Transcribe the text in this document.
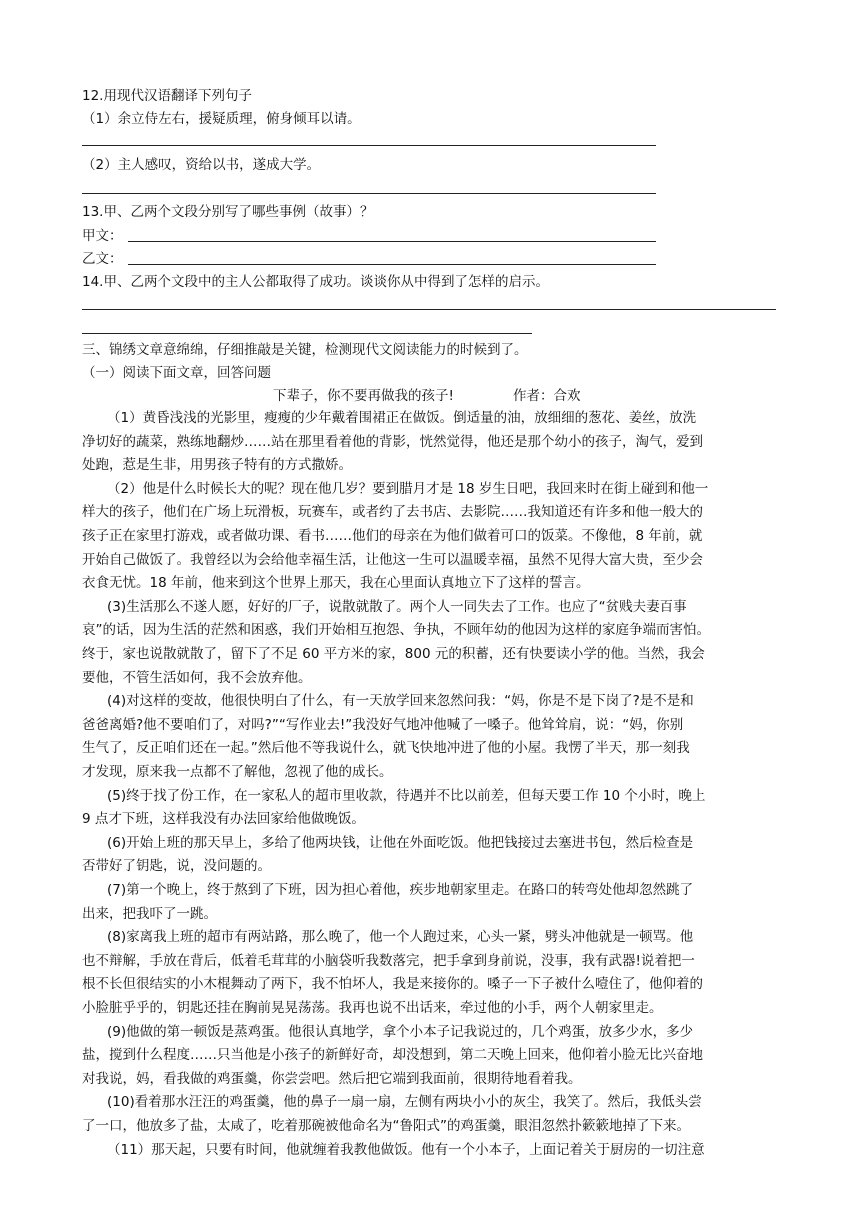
12.用现代汉语翻译下列句子
（1）余立侍左右，援疑质理，俯身倾耳以请。
（2）主人感叹，资给以书，遂成大学。
13.甲、乙两个文段分别写了哪些事例（故事）？
甲文：
乙文：
14.甲、乙两个文段中的主人公都取得了成功。谈谈你从中得到了怎样的启示。
三、锦绣文章意绵绵，仔细推敲是关键，检测现代文阅读能力的时候到了。
（一）阅读下面文章，回答问题
下辈子，你不要再做我的孩子!	作者：合欢
（1）黄昏浅浅的光影里，瘦瘦的少年戴着围裙正在做饭。倒适量的油，放细细的葱花、姜丝，放洗
净切好的蔬菜，熟练地翻炒……站在那里看着他的背影，恍然觉得，他还是那个幼小的孩子，淘气，爱到
处跑，惹是生非，用男孩子特有的方式撒娇。
（2）他是什么时候长大的呢？现在他几岁？要到腊月才是 18 岁生日吧，我回来时在街上碰到和他一
样大的孩子，他们在广场上玩滑板，玩赛车，或者约了去书店、去影院……我知道还有许多和他一般大的
孩子正在家里打游戏，或者做功课、看书……他们的母亲在为他们做着可口的饭菜。不像他，8 年前，就
开始自己做饭了。我曾经以为会给他幸福生活，让他这一生可以温暖幸福，虽然不见得大富大贵，至少会
衣食无忧。18 年前，他来到这个世界上那天，我在心里面认真地立下了这样的誓言。
(3)生活那么不遂人愿，好好的厂子，说散就散了。两个人一同失去了工作。也应了“贫贱夫妻百事
哀”的话，因为生活的茫然和困惑，我们开始相互抱怨、争执，不顾年幼的他因为这样的家庭争端而害怕。
终于，家也说散就散了，留下了不足 60 平方米的家，800 元的积蓄，还有快要读小学的他。当然，我会
要他，不管生活如何，我不会放弃他。
(4)对这样的变故，他很快明白了什么，有一天放学回来忽然问我：“妈，你是不是下岗了?是不是和
爸爸离婚?他不要咱们了，对吗?”“写作业去!”我没好气地冲他喊了一嗓子。他耸耸肩，说：“妈，你别
生气了，反正咱们还在一起。”然后他不等我说什么，就飞快地冲进了他的小屋。我愣了半天，那一刻我
才发现，原来我一点都不了解他，忽视了他的成长。
(5)终于找了份工作，在一家私人的超市里收款，待遇并不比以前差，但每天要工作 10 个小时，晚上
9 点才下班，这样我没有办法回家给他做晚饭。
(6)开始上班的那天早上，多给了他两块钱，让他在外面吃饭。他把钱接过去塞进书包，然后检查是
否带好了钥匙，说，没问题的。
(7)第一个晚上，终于熬到了下班，因为担心着他，疾步地朝家里走。在路口的转弯处他却忽然跳了
出来，把我吓了一跳。
(8)家离我上班的超市有两站路，那么晚了，他一个人跑过来，心头一紧，劈头冲他就是一顿骂。他
也不辩解，手放在背后，低着毛茸茸的小脑袋听我数落完，把手拿到身前说，没事，我有武器!说着把一
根不长但很结实的小木棍舞动了两下，我不怕坏人，我是来接你的。嗓子一下子被什么噎住了，他仰着的
小脸脏乎乎的，钥匙还挂在胸前晃晃荡荡。我再也说不出话来，牵过他的小手，两个人朝家里走。
(9)他做的第一顿饭是蒸鸡蛋。他很认真地学，拿个小本子记我说过的，几个鸡蛋，放多少水，多少
盐，搅到什么程度……只当他是小孩子的新鲜好奇，却没想到，第二天晚上回来，他仰着小脸无比兴奋地
对我说，妈，看我做的鸡蛋羹，你尝尝吧。然后把它端到我面前，很期待地看着我。
(10)看着那水汪汪的鸡蛋羹，他的鼻子一扇一扇，左侧有两块小小的灰尘，我笑了。然后，我低头尝
了一口，他放多了盐，太咸了，吃着那碗被他命名为“鲁阳式”的鸡蛋羹，眼泪忽然扑簌簌地掉了下来。
（11）那天起，只要有时间，他就缠着我教他做饭。他有一个小本子，上面记着关于厨房的一切注意
